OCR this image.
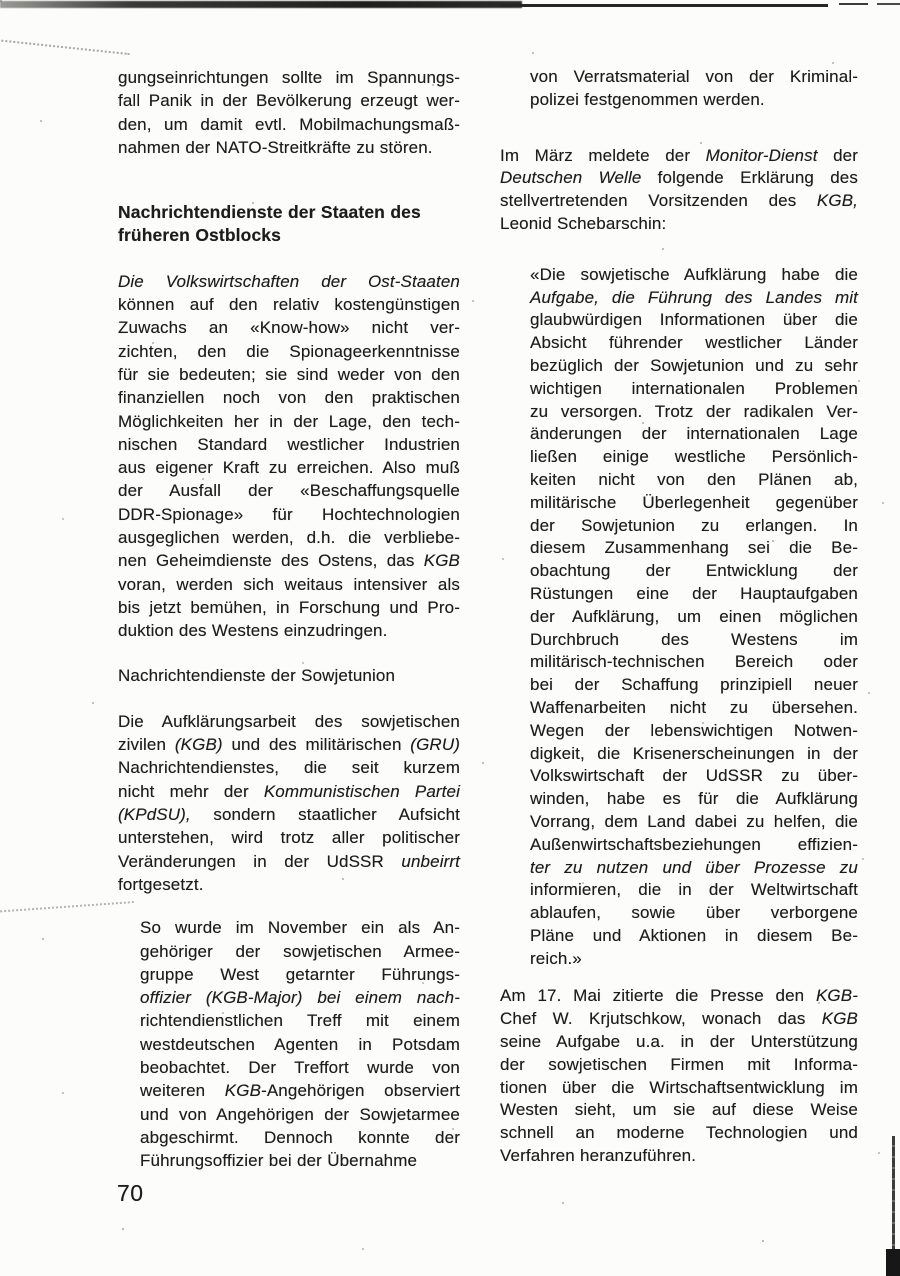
gungseinrichtungen sollte im Spannungs-
fall Panik in der Bevölkerung erzeugt wer-
den, um damit evtl. Mobilmachungsmaß-
nahmen der NATO-Streitkräfte zu stören.
Nachrichtendienste der Staaten des
früheren Ostblocks
Die Volkswirtschaften der Ost-Staaten
können auf den relativ kostengünstigen
Zuwachs an «Know-how» nicht ver-
zichten, den die Spionageerkenntnisse
für sie bedeuten; sie sind weder von den
finanziellen noch von den praktischen
Möglichkeiten her in der Lage, den tech-
nischen Standard westlicher Industrien
aus eigener Kraft zu erreichen. Also muß
der Ausfall der «Beschaffungsquelle
DDR-Spionage» für Hochtechnologien
ausgeglichen werden, d.h. die verbliebe-
nen Geheimdienste des Ostens, das KGB
voran, werden sich weitaus intensiver als
bis jetzt bemühen, in Forschung und Pro-
duktion des Westens einzudringen.
Nachrichtendienste der Sowjetunion
Die Aufklärungsarbeit des sowjetischen
zivilen (KGB) und des militärischen (GRU)
Nachrichtendienstes, die seit kurzem
nicht mehr der Kommunistischen Partei
(KPdSU), sondern staatlicher Aufsicht
unterstehen, wird trotz aller politischer
Veränderungen in der UdSSR unbeirrt
fortgesetzt.
So wurde im November ein als An-
gehöriger der sowjetischen Armee-
gruppe West getarnter Führungs-
offizier (KGB-Major) bei einem nach-
richtendienstlichen Treff mit einem
westdeutschen Agenten in Potsdam
beobachtet. Der Treffort wurde von
weiteren KGB-Angehörigen observiert
und von Angehörigen der Sowjetarmee
abgeschirmt. Dennoch konnte der
Führungsoffizier bei der Übernahme
von Verratsmaterial von der Kriminal-
polizei festgenommen werden.
Im März meldete der Monitor-Dienst der
Deutschen Welle folgende Erklärung des
stellvertretenden Vorsitzenden des KGB,
Leonid Schebarschin:
«Die sowjetische Aufklärung habe die
Aufgabe, die Führung des Landes mit
glaubwürdigen Informationen über die
Absicht führender westlicher Länder
bezüglich der Sowjetunion und zu sehr
wichtigen internationalen Problemen
zu versorgen. Trotz der radikalen Ver-
änderungen der internationalen Lage
ließen einige westliche Persönlich-
keiten nicht von den Plänen ab,
militärische Überlegenheit gegenüber
der Sowjetunion zu erlangen. In
diesem Zusammenhang sei die Be-
obachtung der Entwicklung der
Rüstungen eine der Hauptaufgaben
der Aufklärung, um einen möglichen
Durchbruch des Westens im
militärisch-technischen Bereich oder
bei der Schaffung prinzipiell neuer
Waffenarbeiten nicht zu übersehen.
Wegen der lebenswichtigen Notwen-
digkeit, die Krisenerscheinungen in der
Volkswirtschaft der UdSSR zu über-
winden, habe es für die Aufklärung
Vorrang, dem Land dabei zu helfen, die
Außenwirtschaftsbeziehungen effizien-
ter zu nutzen und über Prozesse zu
informieren, die in der Weltwirtschaft
ablaufen, sowie über verborgene
Pläne und Aktionen in diesem Be-
reich.»
Am 17. Mai zitierte die Presse den KGB-
Chef W. Krjutschkow, wonach das KGB
seine Aufgabe u.a. in der Unterstützung
der sowjetischen Firmen mit Informa-
tionen über die Wirtschaftsentwicklung im
Westen sieht, um sie auf diese Weise
schnell an moderne Technologien und
Verfahren heranzuführen.
70
